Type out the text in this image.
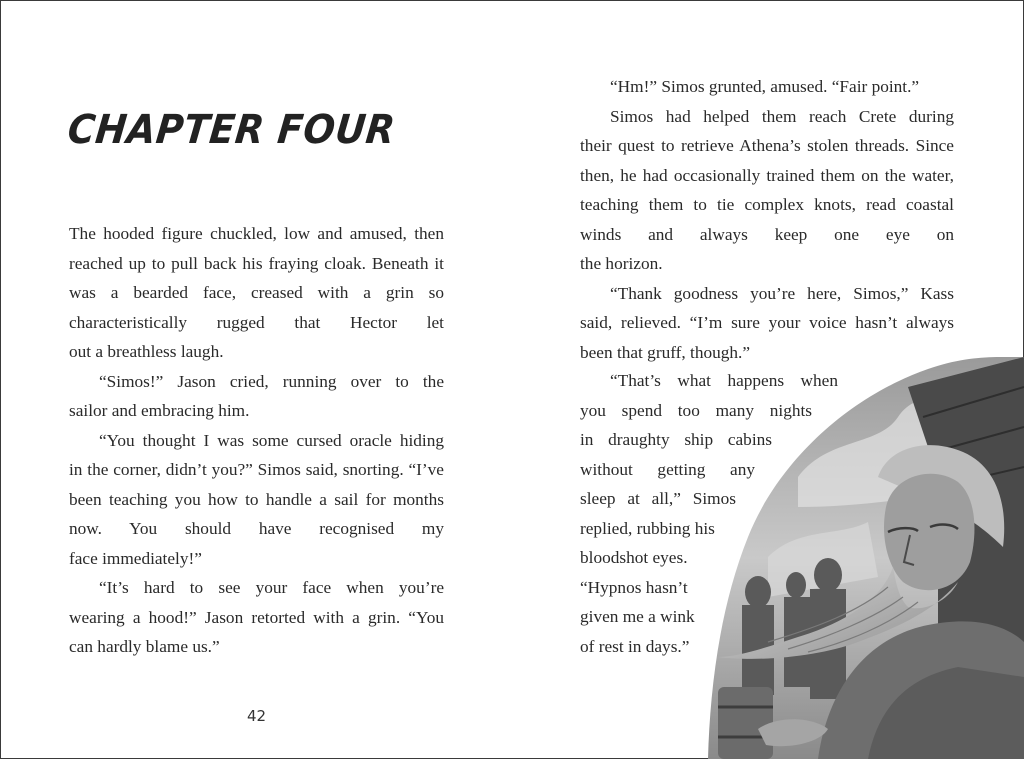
CHAPTER FOUR

The hooded figure chuckled, low and amused, then reached up to pull back his fraying cloak. Beneath it was a bearded face, creased with a grin so characteristically rugged that Hector let

out a breathless laugh.

“Simos!” Jason cried, running over to the

sailor and embracing him.

“You thought I was some cursed oracle hiding

in the corner, didn’t you?” Simos said, snorting. “I’ve been teaching you how to handle a sail for months now. You should have recognised my

face immediately!”

“It’s hard to see your face when you’re

wearing a hood!” Jason retorted with a grin. “You

can hardly blame us.”

42

“Hm!” Simos grunted, amused. “Fair point.”

Simos had helped them reach Crete during

their quest to retrieve Athena’s stolen threads. Since then, he had occasionally trained them on the water, teaching them to tie complex knots, read coastal winds and always keep one eye on

the horizon.

“Thank goodness you’re here, Simos,” Kass

said, relieved. “I’m sure your voice hasn’t always

been that gruff, though.”

“That’s what happens when
you spend too many nights
in draughty ship cabins
without getting any
sleep at all,” Simos
replied, rubbing his
bloodshot eyes.
“Hypnos hasn’t
given me a wink
of rest in days.”
